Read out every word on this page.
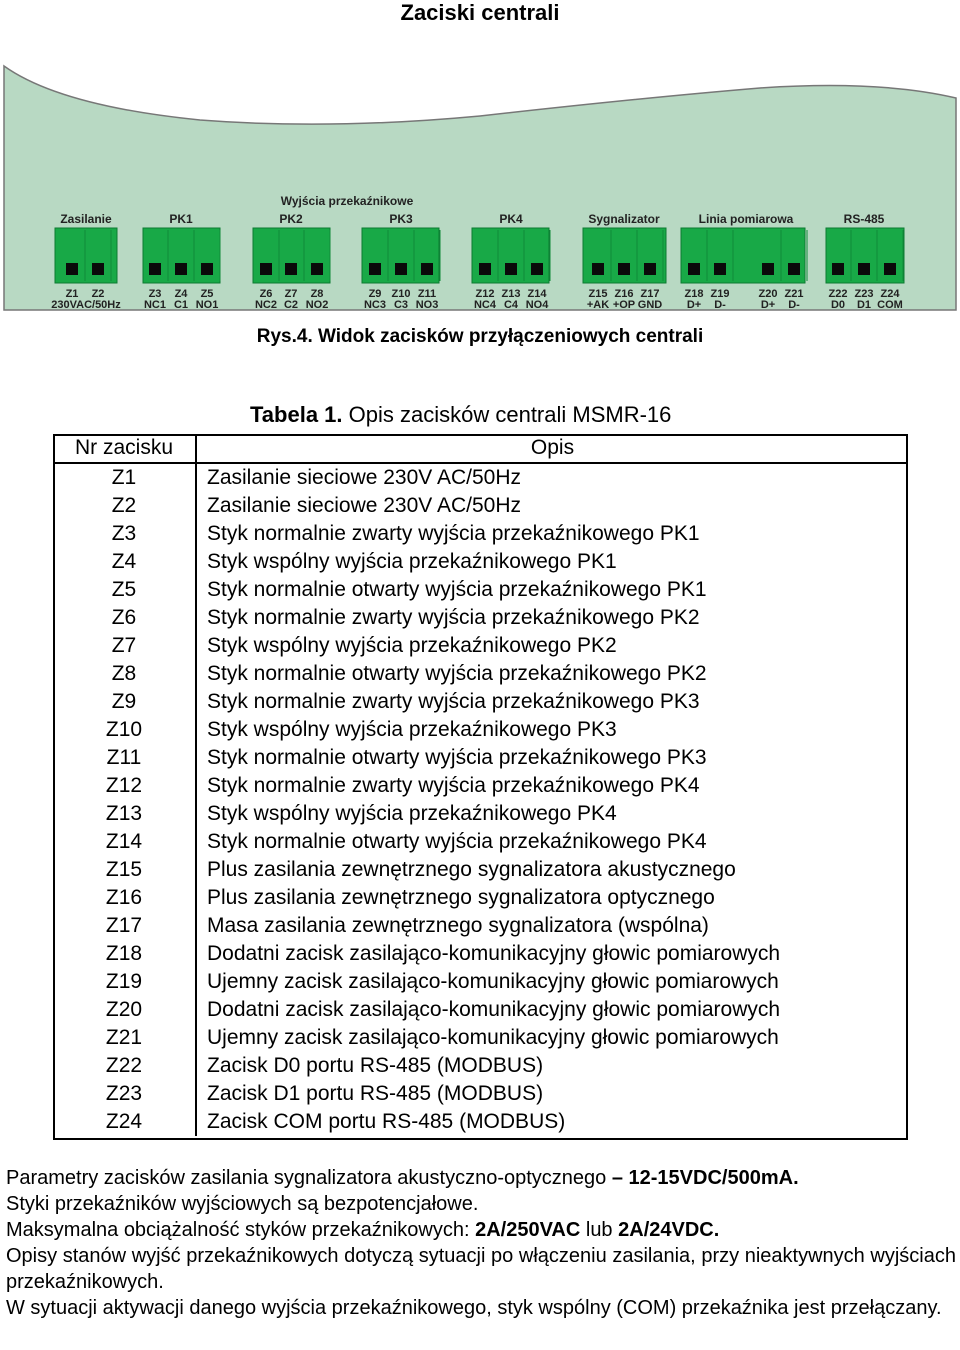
Zaciski centrali
Wyjścia przekaźnikowe
Zasilanie
Z1 Z2
230VAC/50Hz
PK1
Z3
NC1
Z4
C1
Z5
NO1
PK2
Z6
NC2
Z7
C2
Z8
NO2
PK3
Z9
NC3
Z10
C3
Z11
NO3
PK4
Z12
NC4
Z13
C4
Z14
NO4
Sygnalizator
Z15
+AK
Z16
+OP
Z17
GND
Linia pomiarowa
Z18
D+
Z19
D-
Z20
D+
Z21
D-
RS-485
Z22
D0
Z23
D1
Z24
COM
Rys.4. Widok zacisków przyłączeniowych centrali
Tabela 1. Opis zacisków centrali MSMR-16
Nr zacisku	Opis
Z1	Zasilanie sieciowe 230V AC/50Hz
Z2	Zasilanie sieciowe 230V AC/50Hz
Z3	Styk normalnie zwarty wyjścia przekaźnikowego PK1
Z4	Styk wspólny wyjścia przekaźnikowego PK1
Z5	Styk normalnie otwarty wyjścia przekaźnikowego PK1
Z6	Styk normalnie zwarty wyjścia przekaźnikowego PK2
Z7	Styk wspólny wyjścia przekaźnikowego PK2
Z8	Styk normalnie otwarty wyjścia przekaźnikowego PK2
Z9	Styk normalnie zwarty wyjścia przekaźnikowego PK3
Z10	Styk wspólny wyjścia przekaźnikowego PK3
Z11	Styk normalnie otwarty wyjścia przekaźnikowego PK3
Z12	Styk normalnie zwarty wyjścia przekaźnikowego PK4
Z13	Styk wspólny wyjścia przekaźnikowego PK4
Z14	Styk normalnie otwarty wyjścia przekaźnikowego PK4
Z15	Plus zasilania zewnętrznego sygnalizatora akustycznego
Z16	Plus zasilania zewnętrznego sygnalizatora optycznego
Z17	Masa zasilania zewnętrznego sygnalizatora (wspólna)
Z18	Dodatni zacisk zasilająco-komunikacyjny głowic pomiarowych
Z19	Ujemny zacisk zasilająco-komunikacyjny głowic pomiarowych
Z20	Dodatni zacisk zasilająco-komunikacyjny głowic pomiarowych
Z21	Ujemny zacisk zasilająco-komunikacyjny głowic pomiarowych
Z22	Zacisk D0 portu RS-485 (MODBUS)
Z23	Zacisk D1 portu RS-485 (MODBUS)
Z24	Zacisk COM portu RS-485 (MODBUS)

Parametry zacisków zasilania sygnalizatora akustyczno-optycznego – 12-15VDC/500mA.

Styki przekaźników wyjściowych są bezpotencjałowe.

Maksymalna obciążalność styków przekaźnikowych: 2A/250VAC lub 2A/24VDC.

Opisy stanów wyjść przekaźnikowych dotyczą sytuacji po włączeniu zasilania, przy nieaktywnych wyjściach przekaźnikowych.

W sytuacji aktywacji danego wyjścia przekaźnikowego, styk wspólny (COM) przekaźnika jest przełączany.
